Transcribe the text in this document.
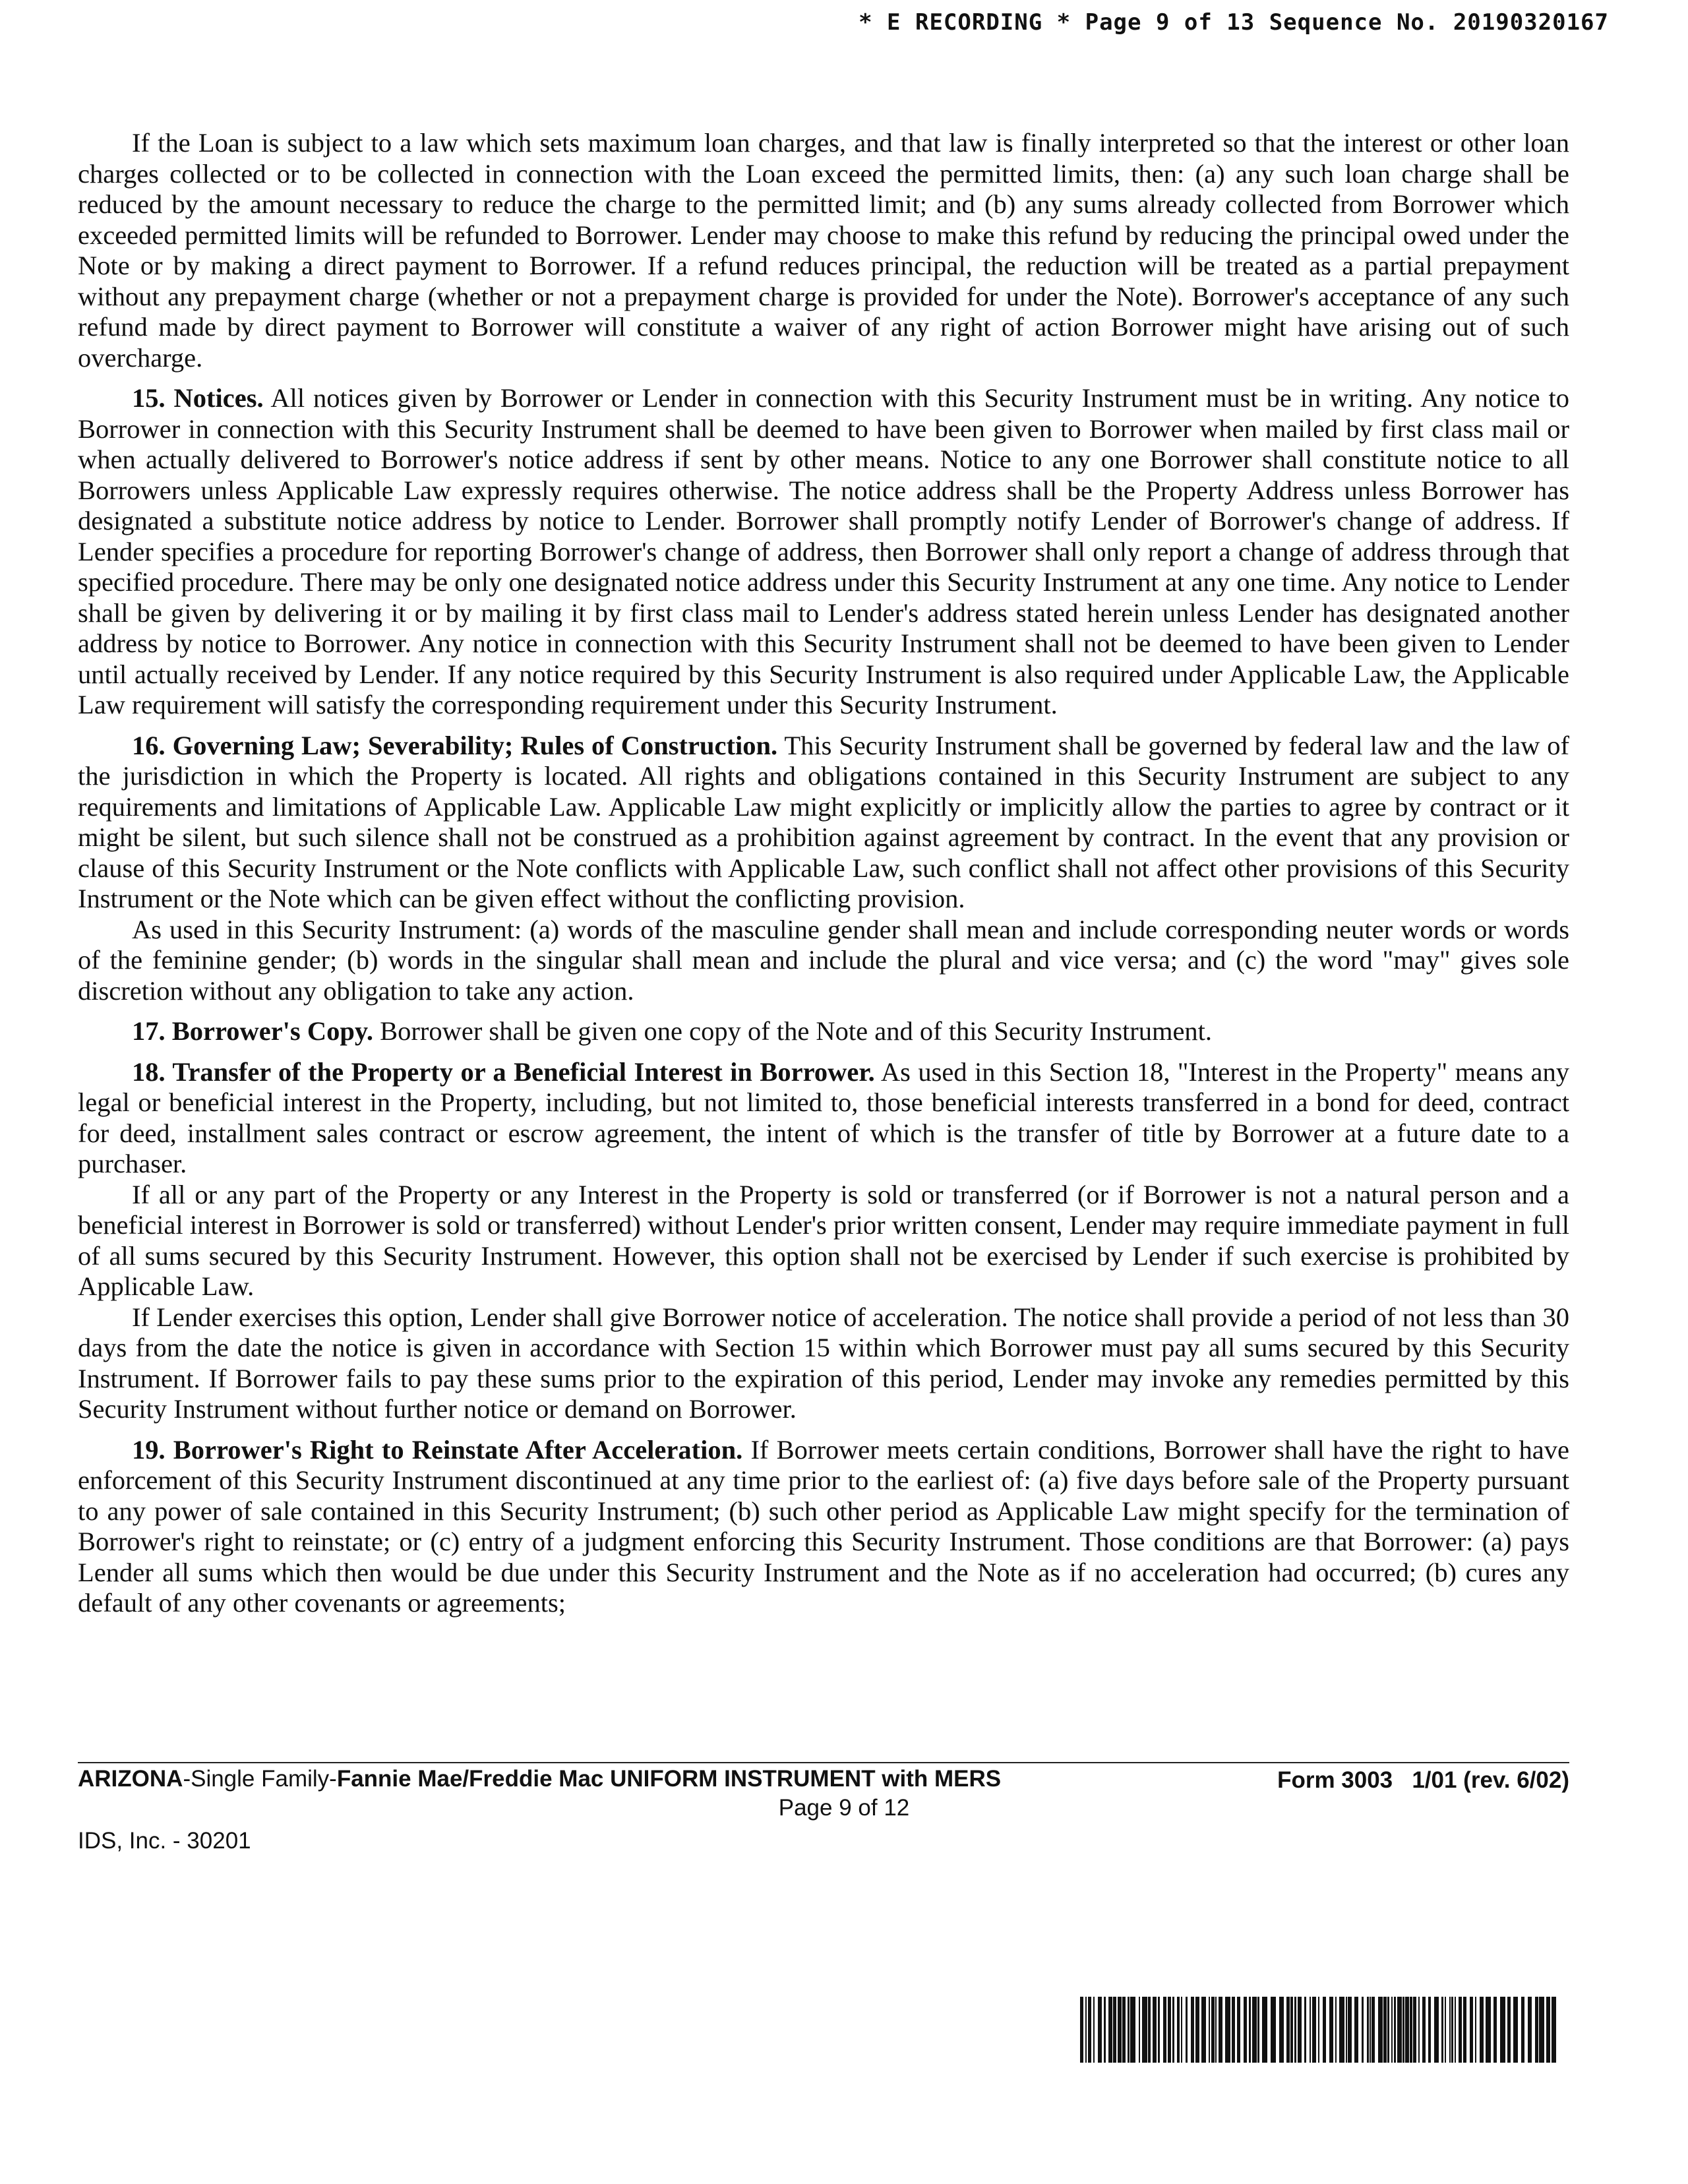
* E RECORDING * Page 9 of 13 Sequence No. 20190320167

If the Loan is subject to a law which sets maximum loan charges, and that law is finally interpreted so that the interest or other loan charges collected or to be collected in connection with the Loan exceed the permitted limits, then: (a) any such loan charge shall be reduced by the amount necessary to reduce the charge to the permitted limit; and (b) any sums already collected from Borrower which exceeded permitted limits will be refunded to Borrower. Lender may choose to make this refund by reducing the principal owed under the Note or by making a direct payment to Borrower. If a refund reduces principal, the reduction will be treated as a partial prepayment without any prepayment charge (whether or not a prepayment charge is provided for under the Note). Borrower's acceptance of any such refund made by direct payment to Borrower will constitute a waiver of any right of action Borrower might have arising out of such overcharge.

15. Notices. All notices given by Borrower or Lender in connection with this Security Instrument must be in writing. Any notice to Borrower in connection with this Security Instrument shall be deemed to have been given to Borrower when mailed by first class mail or when actually delivered to Borrower's notice address if sent by other means. Notice to any one Borrower shall constitute notice to all Borrowers unless Applicable Law expressly requires otherwise. The notice address shall be the Property Address unless Borrower has designated a substitute notice address by notice to Lender. Borrower shall promptly notify Lender of Borrower's change of address. If Lender specifies a procedure for reporting Borrower's change of address, then Borrower shall only report a change of address through that specified procedure. There may be only one designated notice address under this Security Instrument at any one time. Any notice to Lender shall be given by delivering it or by mailing it by first class mail to Lender's address stated herein unless Lender has designated another address by notice to Borrower. Any notice in connection with this Security Instrument shall not be deemed to have been given to Lender until actually received by Lender. If any notice required by this Security Instrument is also required under Applicable Law, the Applicable Law requirement will satisfy the corresponding requirement under this Security Instrument.

16. Governing Law; Severability; Rules of Construction. This Security Instrument shall be governed by federal law and the law of the jurisdiction in which the Property is located. All rights and obligations contained in this Security Instrument are subject to any requirements and limitations of Applicable Law. Applicable Law might explicitly or implicitly allow the parties to agree by contract or it might be silent, but such silence shall not be construed as a prohibition against agreement by contract. In the event that any provision or clause of this Security Instrument or the Note conflicts with Applicable Law, such conflict shall not affect other provisions of this Security Instrument or the Note which can be given effect without the conflicting provision.

As used in this Security Instrument: (a) words of the masculine gender shall mean and include corresponding neuter words or words of the feminine gender; (b) words in the singular shall mean and include the plural and vice versa; and (c) the word "may" gives sole discretion without any obligation to take any action.

17. Borrower's Copy. Borrower shall be given one copy of the Note and of this Security Instrument.

18. Transfer of the Property or a Beneficial Interest in Borrower. As used in this Section 18, "Interest in the Property" means any legal or beneficial interest in the Property, including, but not limited to, those beneficial interests transferred in a bond for deed, contract for deed, installment sales contract or escrow agreement, the intent of which is the transfer of title by Borrower at a future date to a purchaser.

If all or any part of the Property or any Interest in the Property is sold or transferred (or if Borrower is not a natural person and a beneficial interest in Borrower is sold or transferred) without Lender's prior written consent, Lender may require immediate payment in full of all sums secured by this Security Instrument. However, this option shall not be exercised by Lender if such exercise is prohibited by Applicable Law.

If Lender exercises this option, Lender shall give Borrower notice of acceleration. The notice shall provide a period of not less than 30 days from the date the notice is given in accordance with Section 15 within which Borrower must pay all sums secured by this Security Instrument. If Borrower fails to pay these sums prior to the expiration of this period, Lender may invoke any remedies permitted by this Security Instrument without further notice or demand on Borrower.

19. Borrower's Right to Reinstate After Acceleration. If Borrower meets certain conditions, Borrower shall have the right to have enforcement of this Security Instrument discontinued at any time prior to the earliest of: (a) five days before sale of the Property pursuant to any power of sale contained in this Security Instrument; (b) such other period as Applicable Law might specify for the termination of Borrower's right to reinstate; or (c) entry of a judgment enforcing this Security Instrument. Those conditions are that Borrower: (a) pays Lender all sums which then would be due under this Security Instrument and the Note as if no acceleration had occurred; (b) cures any default of any other covenants or agreements;

ARIZONA-Single Family-Fannie Mae/Freddie Mac UNIFORM INSTRUMENT with MERS	Form 3003   1/01 (rev. 6/02)
Page 9 of 12
IDS, Inc. - 30201
